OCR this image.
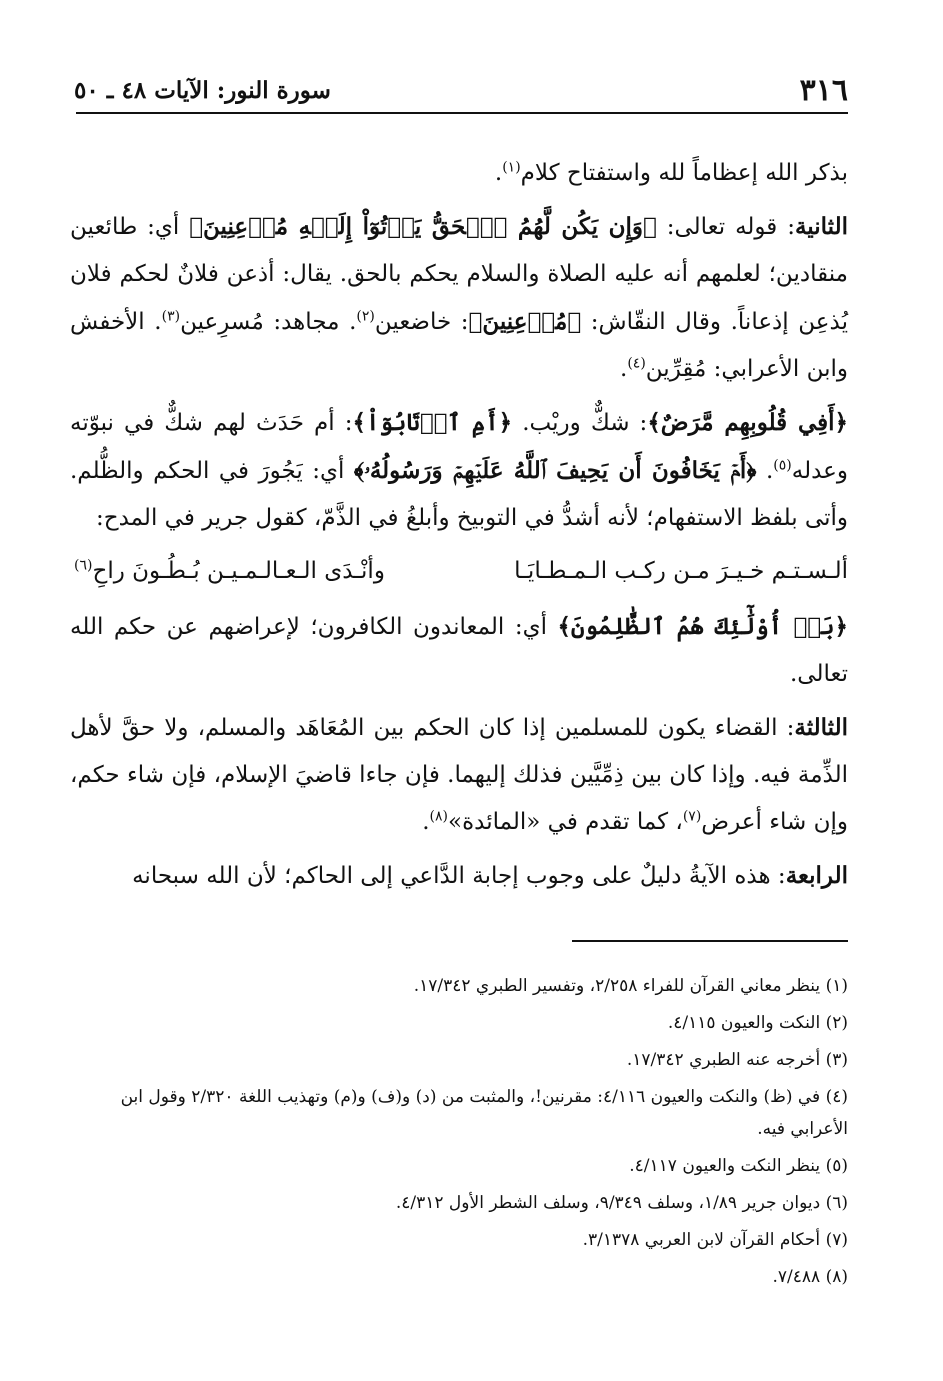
٣١٦
سورة النور: الآيات ٤٨ ـ ٥٠

بذكر الله إعظاماً لله واستفتاح كلام$^{(١)}$.

الثانية: قوله تعالى: ﴿وَإِن يَكُن لَّهُمُ ٱلۡحَقُّ يَأۡتُوٓاْ إِلَيۡهِ مُذۡعِنِينَ﴾ أي: طائعين منقادين؛ لعلمهم أنه عليه الصلاة والسلام يحكم بالحق. يقال: أذعن فلانٌ لحكم فلان يُذعِن إذعاناً. وقال النقّاش: ﴿مُذۡعِنِينَ﴾: خاضعين$^{(٢)}$. مجاهد: مُسرِعين$^{(٣)}$. الأخفش وابن الأعرابي: مُقِرِّين$^{(٤)}$.

﴿أَفِي قُلُوبِهِم مَّرَضٌ﴾: شكٌّ وريْب. ﴿أَمِ ٱرۡتَابُوٓاْ﴾: أم حَدَث لهم شكٌّ في نبوّته وعدله$^{(٥)}$. ﴿أَمۡ يَخَافُونَ أَن يَحِيفَ ٱللَّهُ عَلَيۡهِمۡ وَرَسُولُهُۥ﴾ أي: يَجُورَ في الحكم والظُّلم. وأتى بلفظ الاستفهام؛ لأنه أشدُّ في التوبيخ وأبلغُ في الذَّمّ، كقول جرير في المدح:

ألـسـتـم خـيـرَ مـن ركـب الـمـطـايَـا
وأنْـدَى الـعـالـمـيـن بُـطُـونَ راحِ$^{(٦)}$

﴿بَلۡ أُوْلَٰٓئِكَ هُمُ ٱلظَّٰلِمُونَ﴾ أي: المعاندون الكافرون؛ لإعراضهم عن حكم الله تعالى.

الثالثة: القضاء يكون للمسلمين إذا كان الحكم بين المُعَاهَد والمسلم، ولا حقَّ لأهل الذِّمة فيه. وإذا كان بين ذِمِّيَّين فذلك إليهما. فإن جاءا قاضيَ الإسلام، فإن شاء حكم، وإن شاء أعرض$^{(٧)}$، كما تقدم في «المائدة»$^{(٨)}$.

الرابعة: هذه الآيةُ دليلٌ على وجوب إجابة الدَّاعي إلى الحاكم؛ لأن الله سبحانه

(١) ينظر معاني القرآن للفراء ٢/٢٥٨، وتفسير الطبري ١٧/٣٤٢.
(٢) النكت والعيون ٤/١١٥.
(٣) أخرجه عنه الطبري ١٧/٣٤٢.
(٤) في (ظ) والنكت والعيون ٤/١١٦: مقرنين!، والمثبت من (د) و(ف) و(م) وتهذيب اللغة ٢/٣٢٠ وقول ابن الأعرابي فيه.
(٥) ينظر النكت والعيون ٤/١١٧.
(٦) ديوان جرير ١/٨٩، وسلف ٩/٣٤٩، وسلف الشطر الأول ٤/٣١٢.
(٧) أحكام القرآن لابن العربي ٣/١٣٧٨.
(٨) ٧/٤٨٨.
